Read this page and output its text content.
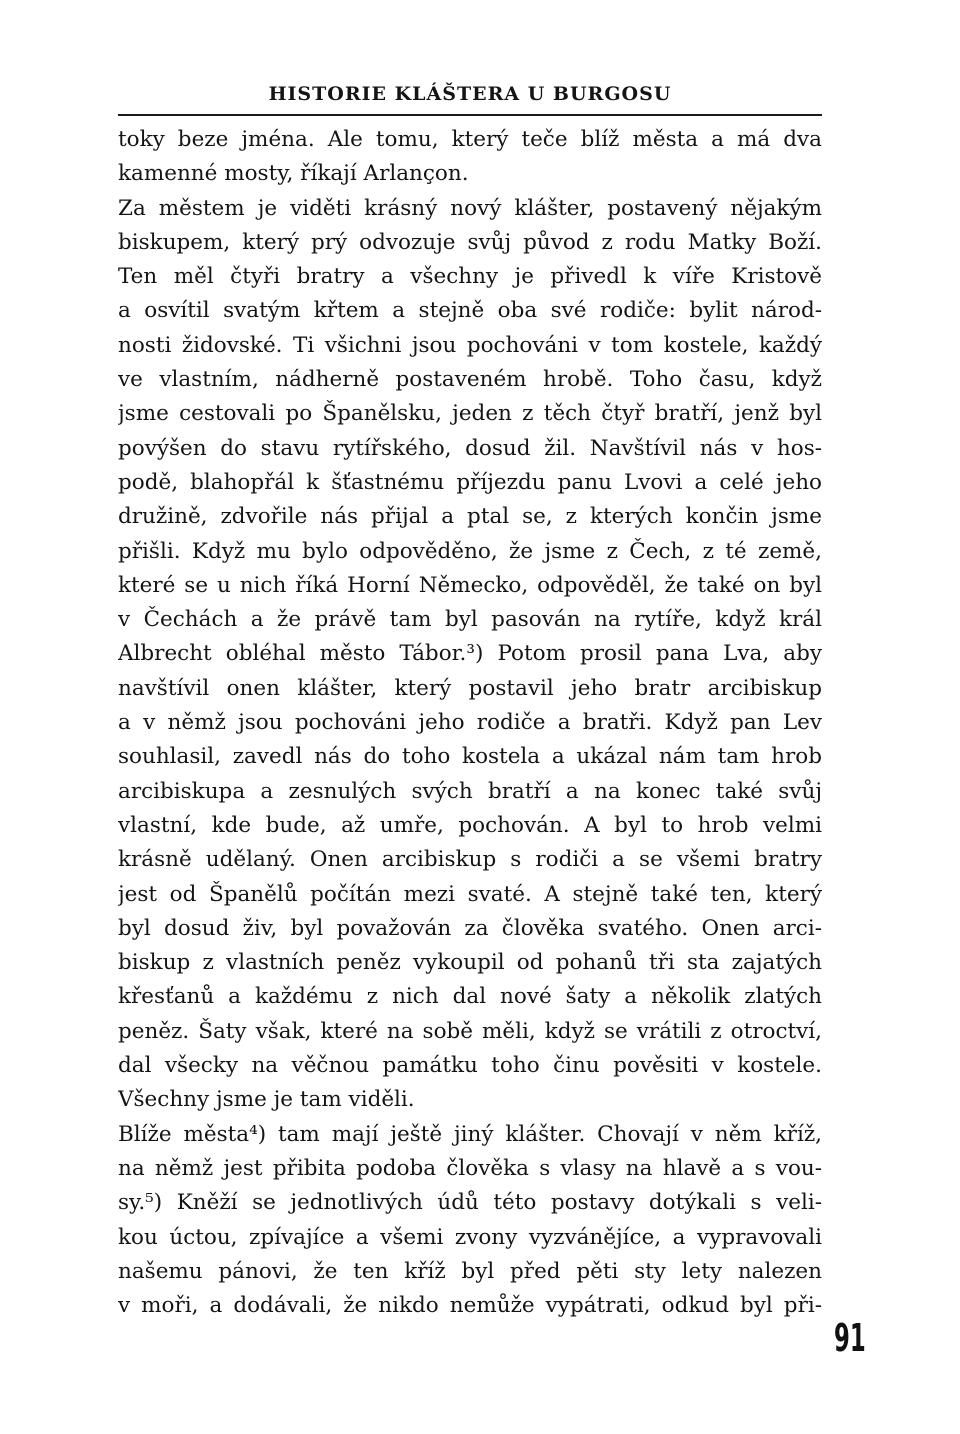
HISTORIE KLÁŠTERA U BURGOSU
toky beze jména. Ale tomu, který teče blíž města a má dva
kamenné mosty, říkají Arlançon.
Za městem je viděti krásný nový klášter, postavený nějakým
biskupem, který prý odvozuje svůj původ z rodu Matky Boží.
Ten měl čtyři bratry a všechny je přivedl k víře Kristově
a osvítil svatým křtem a stejně oba své rodiče: bylit národ-
nosti židovské. Ti všichni jsou pochováni v tom kostele, každý
ve vlastním, nádherně postaveném hrobě. Toho času, když
jsme cestovali po Španělsku, jeden z těch čtyř bratří, jenž byl
povýšen do stavu rytířského, dosud žil. Navštívil nás v hos-
podě, blahopřál k šťastnému příjezdu panu Lvovi a celé jeho
družině, zdvořile nás přijal a ptal se, z kterých končin jsme
přišli. Když mu bylo odpověděno, že jsme z Čech, z té země,
které se u nich říká Horní Německo, odpověděl, že také on byl
v Čechách a že právě tam byl pasován na rytíře, když král
Albrecht obléhal město Tábor.³) Potom prosil pana Lva, aby
navštívil onen klášter, který postavil jeho bratr arcibiskup
a v němž jsou pochováni jeho rodiče a bratři. Když pan Lev
souhlasil, zavedl nás do toho kostela a ukázal nám tam hrob
arcibiskupa a zesnulých svých bratří a na konec také svůj
vlastní, kde bude, až umře, pochován. A byl to hrob velmi
krásně udělaný. Onen arcibiskup s rodiči a se všemi bratry
jest od Španělů počítán mezi svaté. A stejně také ten, který
byl dosud živ, byl považován za člověka svatého. Onen arci-
biskup z vlastních peněz vykoupil od pohanů tři sta zajatých
křesťanů a každému z nich dal nové šaty a několik zlatých
peněz. Šaty však, které na sobě měli, když se vrátili z otroctví,
dal všecky na věčnou památku toho činu pověsiti v kostele.
Všechny jsme je tam viděli.
Blíže města⁴) tam mají ještě jiný klášter. Chovají v něm kříž,
na němž jest přibita podoba člověka s vlasy na hlavě a s vou-
sy.⁵) Kněží se jednotlivých údů této postavy dotýkali s veli-
kou úctou, zpívajíce a všemi zvony vyzváněјíce, a vypravovali
našemu pánovi, že ten kříž byl před pěti sty lety nalezen
v moři, a dodávali, že nikdo nemůže vypátrati, odkud byl při-
91
